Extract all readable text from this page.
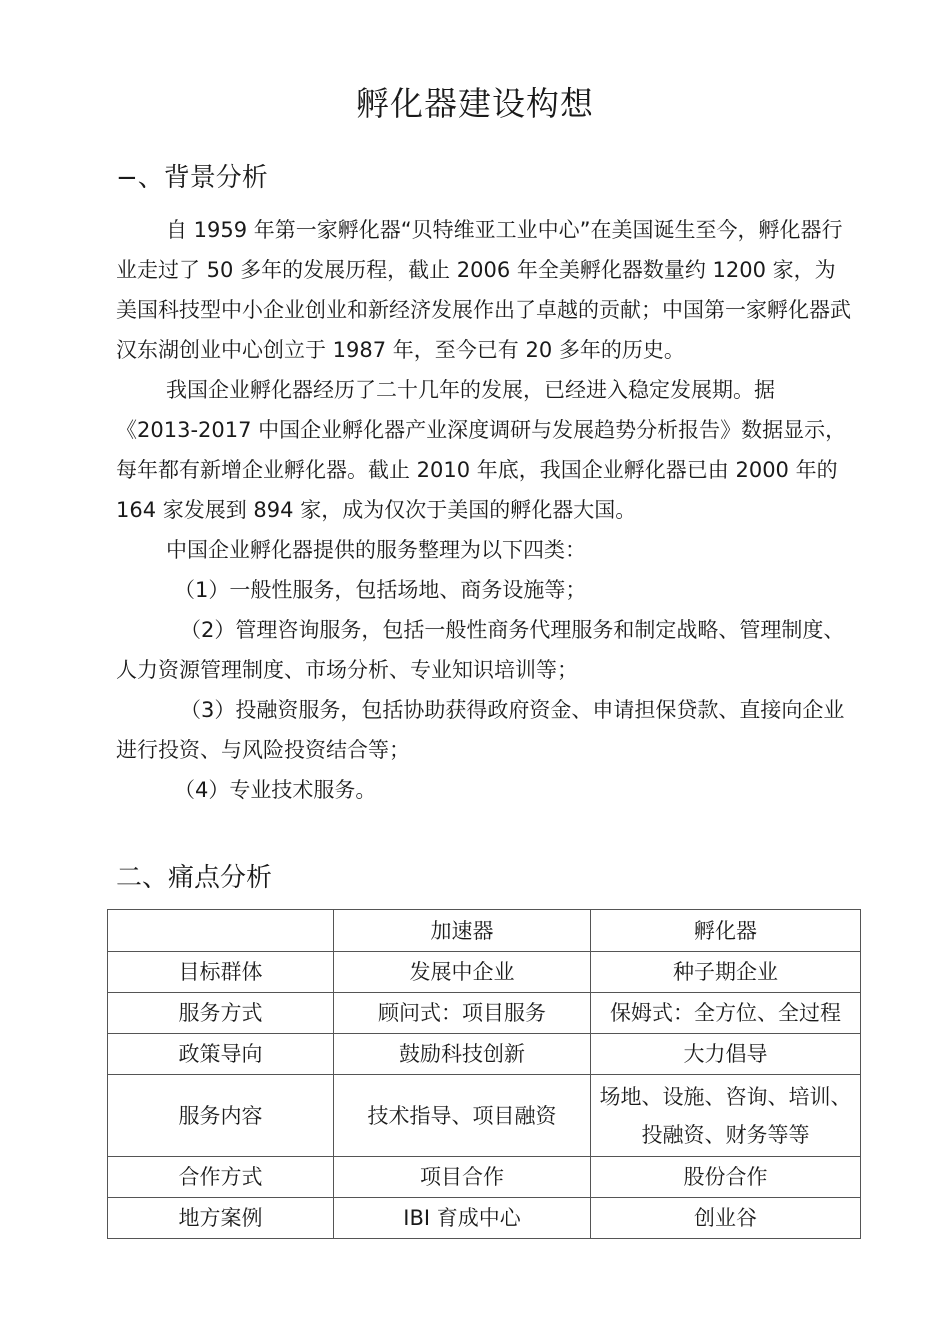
孵化器建设构想
−、背景分析

自 1959 年第一家孵化器“贝特维亚工业中心”在美国诞生至今，孵化器行业走过了 50 多年的发展历程，截止 2006 年全美孵化器数量约 1200 家，为美国科技型中小企业创业和新经济发展作出了卓越的贡献；中国第一家孵化器武汉东湖创业中心创立于 1987 年，至今已有 20 多年的历史。

我国企业孵化器经历了二十几年的发展，已经进入稳定发展期。据《2013-2017 中国企业孵化器产业深度调研与发展趋势分析报告》数据显示，每年都有新增企业孵化器。截止 2010 年底，我国企业孵化器已由 2000 年的 164 家发展到 894 家，成为仅次于美国的孵化器大国。

中国企业孵化器提供的服务整理为以下四类：

（1）一般性服务，包括场地、商务设施等；

（2）管理咨询服务，包括一般性商务代理服务和制定战略、管理制度、人力资源管理制度、市场分析、专业知识培训等；

（3）投融资服务，包括协助获得政府资金、申请担保贷款、直接向企业进行投资、与风险投资结合等；

（4）专业技术服务。

二、痛点分析
	加速器	孵化器
目标群体	发展中企业	种子期企业
服务方式	顾问式：项目服务	保姆式：全方位、全过程

政策导向	鼓励科技创新	大力倡导
服务内容	技术指导、项目融资	场地、设施、咨询、培训、投融资、财务等等
合作方式	项目合作	股份合作
地方案例	IBI 育成中心	创业谷
